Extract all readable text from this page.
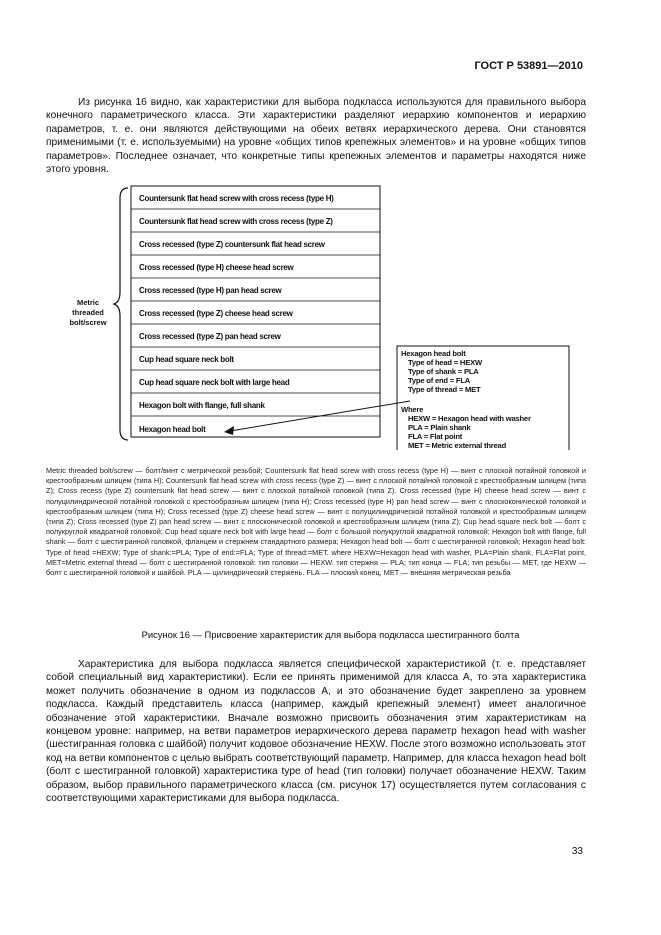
ГОСТ Р 53891—2010

Из рисунка 16 видно, как характеристики для выбора подкласса используются для правильного выбора конечного параметрического класса. Эти характеристики разделяют иерархию компонентов и иерархию параметров, т. е. они являются действующими на обеих ветвях иерархического дерева. Они становятся применимыми (т. е. используемыми) на уровне «общих типов крепежных элементов» и на уровне «общих типов параметров». Последнее означает, что конкретные типы крепежных элементов и параметры находятся ниже этого уровня.

Metric
threaded
bolt/screw
Countersunk flat head screw with cross recess (type H)
Countersunk flat head screw with cross recess (type Z)
Cross recessed (type Z) countersunk flat head screw
Cross recessed (type H) cheese head screw
Cross recessed (type H) pan head screw
Cross recessed (type Z) cheese head screw
Cross recessed (type Z) pan head screw
Cup head square neck bolt
Cup head square neck bolt with large head
Hexagon bolt with flange, full shank
Hexagon head bolt
Hexagon head bolt
Type of head = HEXW
Type of shank = PLA
Type of end = FLA
Type of thread = MET
Where
HEXW = Hexagon head with washer
PLA = Plain shank
FLA = Flat point
MET = Metric external thread
Metric threaded bolt/screw — болт/винт с метрической резьбой; Countersunk flat head screw with cross recess (type H) — винт с плоской потайной головкой и крестообразным шлицем (типа H); Countersunk flat head screw with cross recess (type Z) — винт с плоской потайной головкой с крестообразным шлицем (типа Z); Cross recess (type Z) countersunk flat head screw — винт с плоской потайной головкой (типа Z). Cross recessed (type H) cheese head screw — винт с полуцилиндрической потайной головкой с крестообразным шлицем (типа H); Cross recessed (type H) pan head screw — винт с плоскоконической головкой и крестообразным шлицем (типа H); Cross recessed (type Z) cheese head screw — винт с полуцилиндрической потайной головкой и крестообразным шлицем (типа Z); Cross recessed (type Z) pan head screw — винт с плосконической головкой и крестообразным шлицем (типа Z); Cup head square neck bolt — болт с полукруглой квадратной головкой; Cup head square neck bolt with large head — болт с большой полукруглой квадратной головкой; Hexagon bolt with flange, full shank — болт с шестигранной головкой, фланцем и стержнем стандартного размера; Hexagon head bolt — болт с шестигранной головкой; Hexagon head bolt: Type of head =HEXW; Type of shank:=PLA; Type of end:=FLA; Type of thread:=MET. where HEXW=Hexagon head with washer, PLA=Plain shank, FLA=Flat point, MET=Metric external thread — болт с шестигранной головкой: тип головки — HEXW. тип стержня — PLA; тип конца — FLA; тип резьбы — MET, где HEXW — болт с шестигранной головкой и шайбой. PLA — цилиндрический стержень. FLA — плоский конец, MET — внешняя метрическая резьба
Рисунок 16 — Присвоение характеристик для выбора подкласса шестигранного болта

Характеристика для выбора подкласса является специфической характеристикой (т. е. представляет собой специальный вид характеристики). Если ее принять применимой для класса А, то эта характеристика может получить обозначение в одном из подклассов А, и это обозначение будет закреплено за уровнем подкласса. Каждый представитель класса (например, каждый крепежный элемент) имеет аналогичное обозначение этой характеристики. Вначале возможно присвоить обозначения этим характеристикам на концевом уровне: например, на ветви параметров иерархического дерева параметр hexagon head with washer (шестигранная головка с шайбой) получит кодовое обозначение HEXW. После этого возможно использовать этот код на ветви компонентов с целью выбрать соответствующий параметр. Например, для класса hexagon head bolt (болт с шестигранной головкой) характеристика type of head (тип головки) получает обозначение HEXW. Таким образом, выбор правильного параметрического класса (см. рисунок 17) осуществляется путем согласования с соответствующими характеристиками для выбора подкласса.

33
